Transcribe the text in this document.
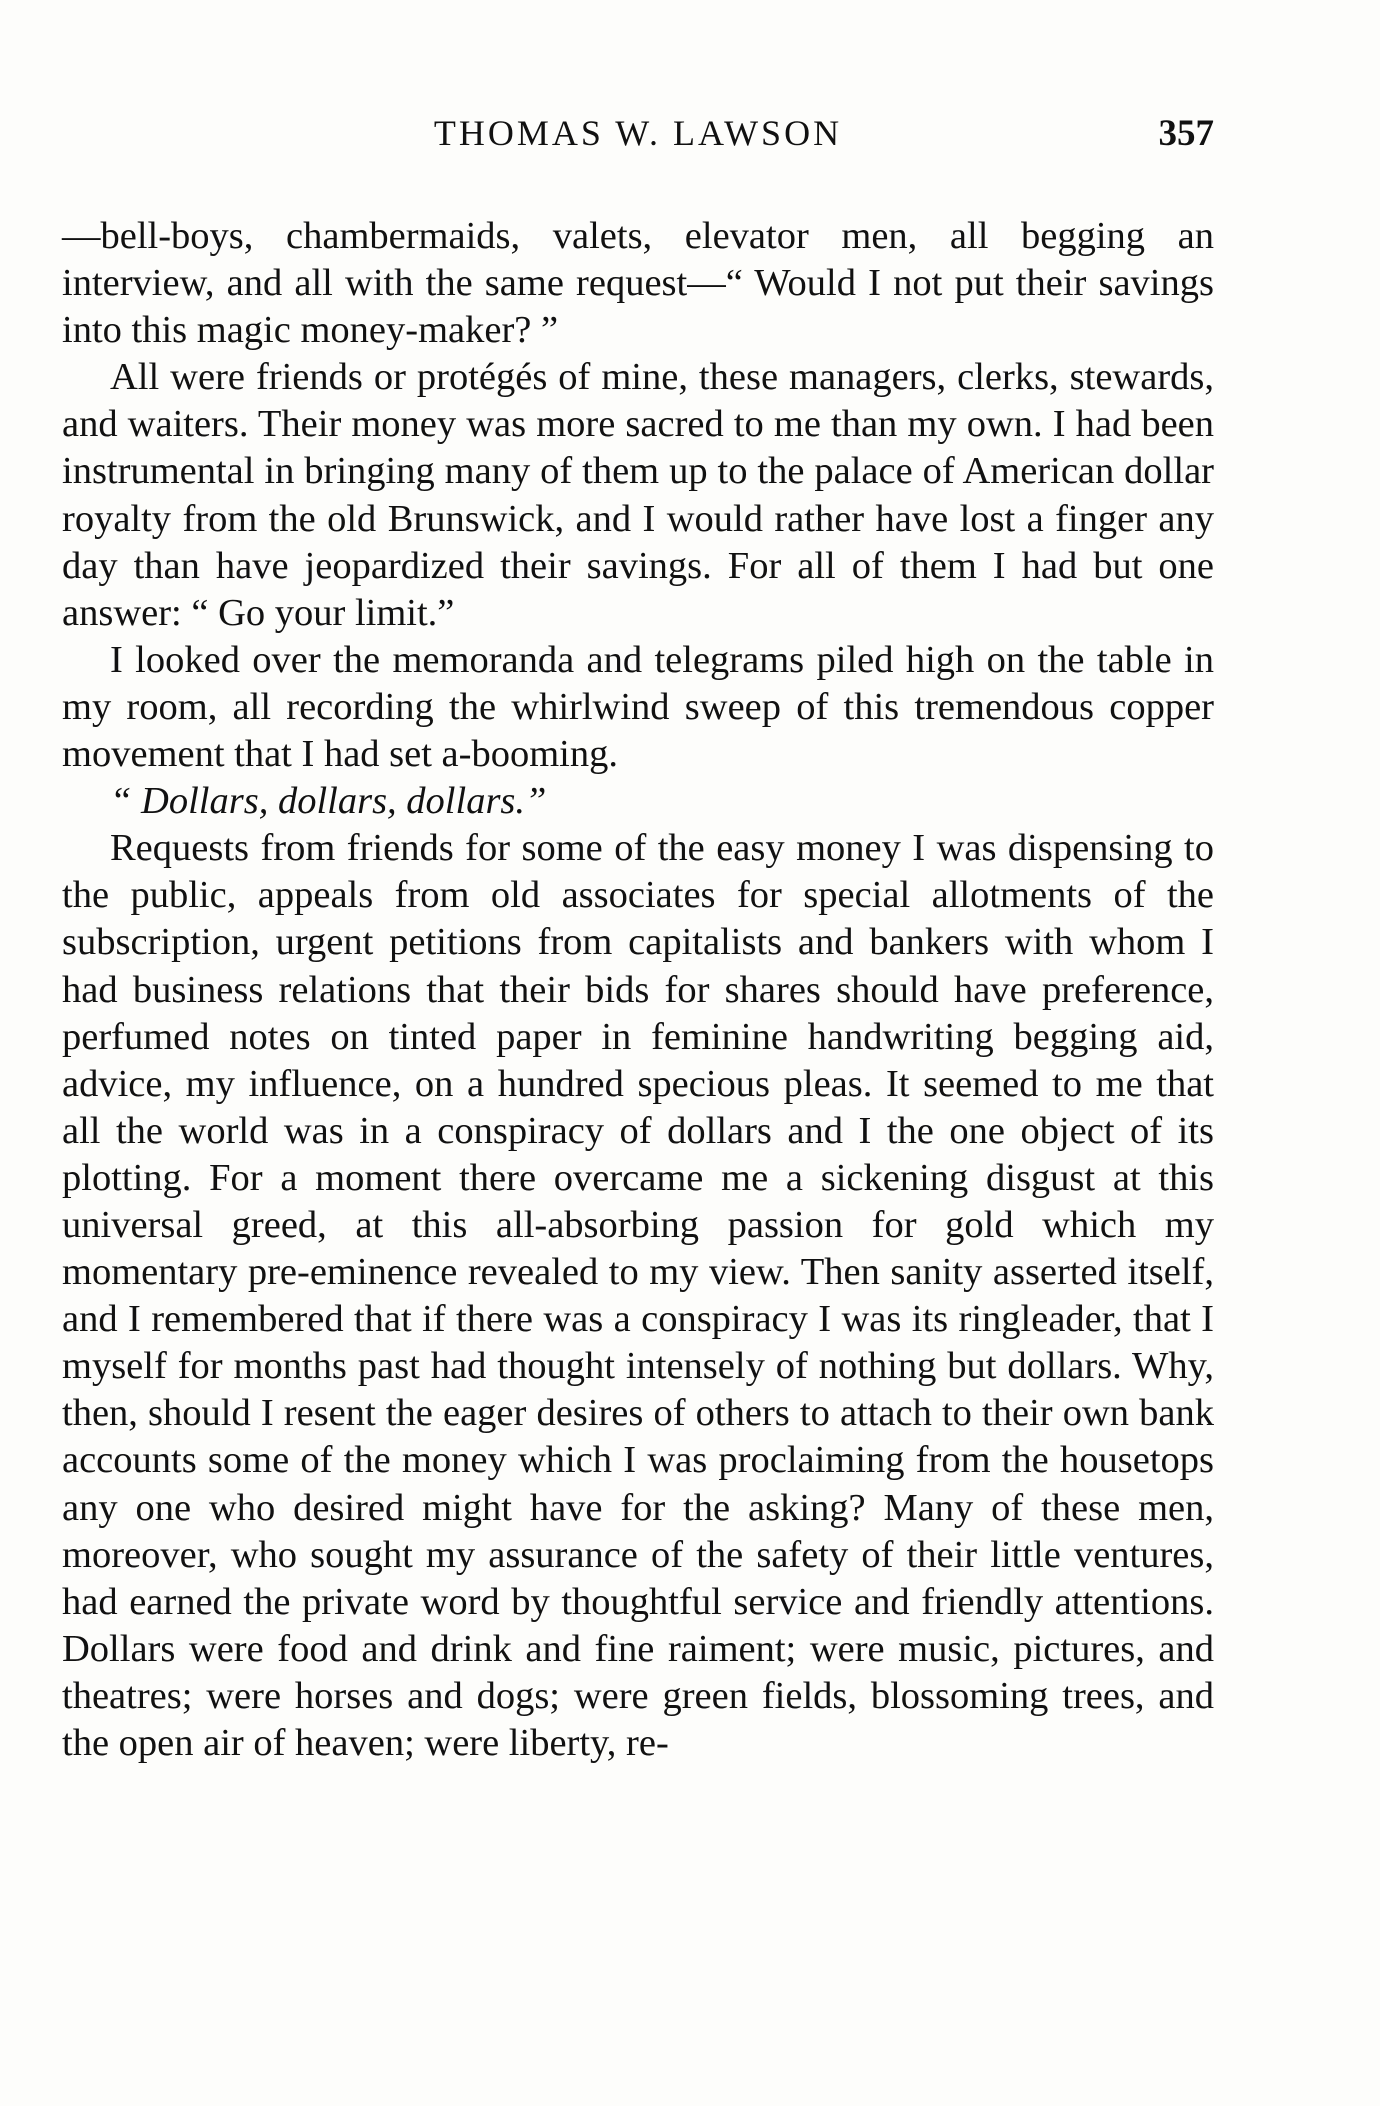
THOMAS W. LAWSON	357

—bell-boys, chambermaids, valets, elevator men, all begging an interview, and all with the same request—“ Would I not put their savings into this magic money-maker? ”

All were friends or protégés of mine, these managers, clerks, stewards, and waiters. Their money was more sacred to me than my own. I had been instrumental in bringing many of them up to the palace of American dollar royalty from the old Brunswick, and I would rather have lost a finger any day than have jeopardized their savings. For all of them I had but one answer: “ Go your limit.”

I looked over the memoranda and telegrams piled high on the table in my room, all recording the whirlwind sweep of this tremendous copper movement that I had set a-booming.

“ Dollars, dollars, dollars.”

Requests from friends for some of the easy money I was dispensing to the public, appeals from old associates for special allotments of the subscription, urgent petitions from capitalists and bankers with whom I had business relations that their bids for shares should have preference, perfumed notes on tinted paper in feminine handwriting begging aid, advice, my influence, on a hundred specious pleas. It seemed to me that all the world was in a conspiracy of dollars and I the one object of its plotting. For a moment there overcame me a sickening disgust at this universal greed, at this all-absorbing passion for gold which my momentary pre-eminence revealed to my view. Then sanity asserted itself, and I remembered that if there was a conspiracy I was its ringleader, that I myself for months past had thought intensely of nothing but dollars. Why, then, should I resent the eager desires of others to attach to their own bank accounts some of the money which I was proclaiming from the housetops any one who desired might have for the asking? Many of these men, moreover, who sought my assurance of the safety of their little ventures, had earned the private word by thoughtful service and friendly attentions. Dollars were food and drink and fine raiment; were music, pictures, and theatres; were horses and dogs; were green fields, blossoming trees, and the open air of heaven; were liberty, re-
